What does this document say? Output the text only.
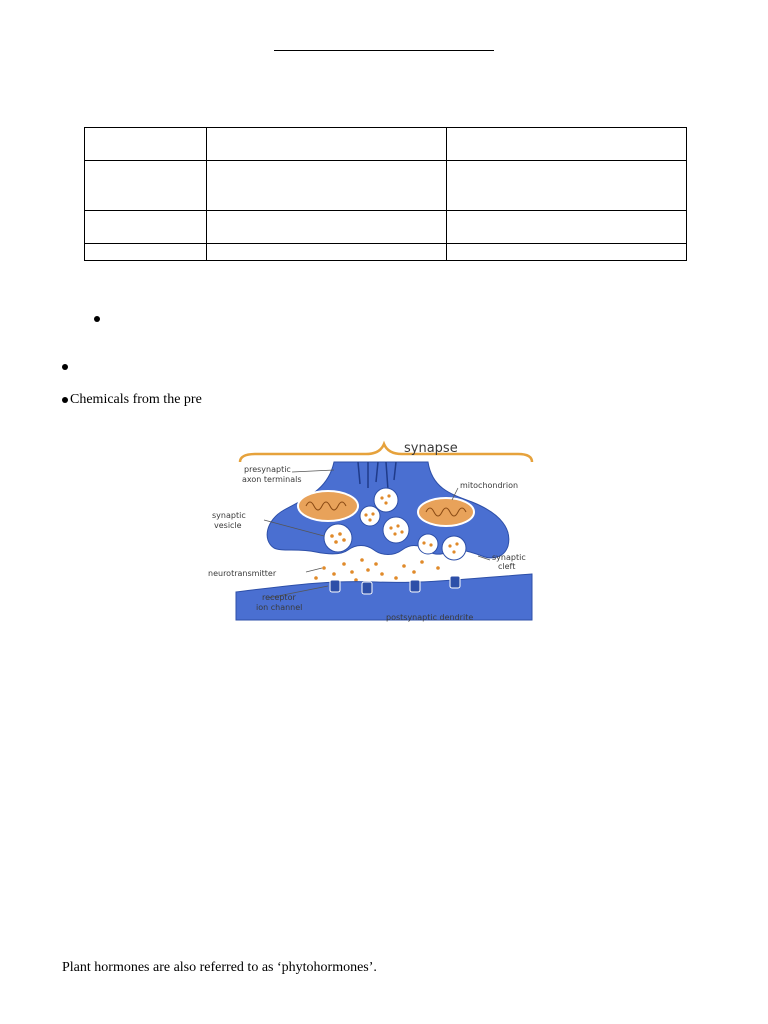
Chemicals from the pre
synapse
presynaptic
axon terminals
mitochondrion
synaptic
vesicle
synaptic
cleft
neurotransmitter
receptor
ion channel
postsynaptic dendrite
Plant hormones are also referred to as ‘phytohormones’.
